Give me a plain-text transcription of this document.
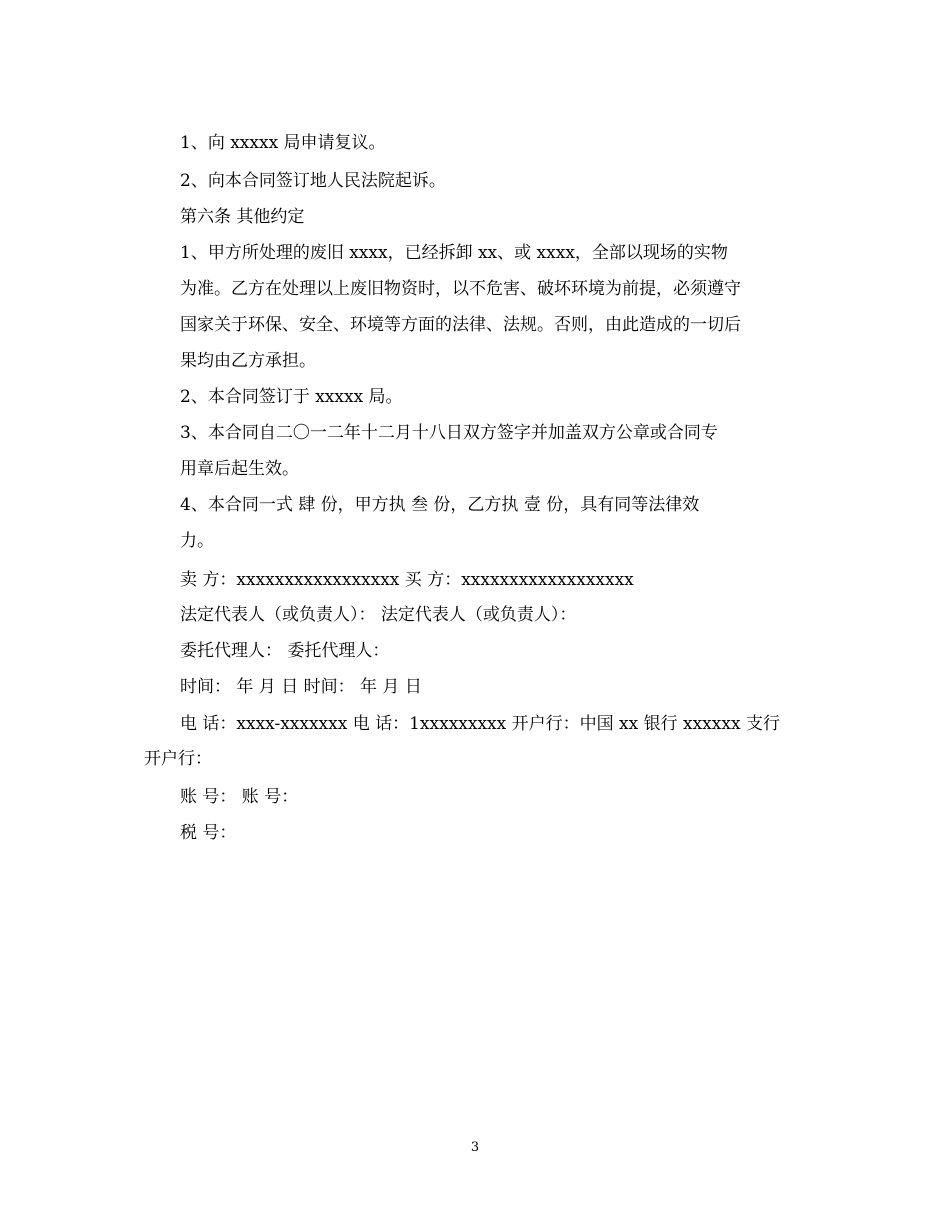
1、向 xxxxx 局申请复议。
2、向本合同签订地人民法院起诉。
第六条 其他约定
1、甲方所处理的废旧 xxxx，已经拆卸 xx、或 xxxx，全部以现场的实物
为准。乙方在处理以上废旧物资时，以不危害、破坏环境为前提，必须遵守
国家关于环保、安全、环境等方面的法律、法规。否则，由此造成的一切后
果均由乙方承担。
2、本合同签订于 xxxxx 局。
3、本合同自二〇一二年十二月十八日双方签字并加盖双方公章或合同专
用章后起生效。
4、本合同一式 肆 份，甲方执 叁 份，乙方执 壹 份，具有同等法律效
力。
卖 方：xxxxxxxxxxxxxxxxx 买 方：xxxxxxxxxxxxxxxxxx
法定代表人（或负责人）： 法定代表人（或负责人）：
委托代理人： 委托代理人：
时间： 年 月 日 时间： 年 月 日
电 话：xxxx-xxxxxxx 电 话：1xxxxxxxxx 开户行：中国 xx 银行 xxxxxx 支行
开户行：
账 号： 账 号：
税 号：
3
